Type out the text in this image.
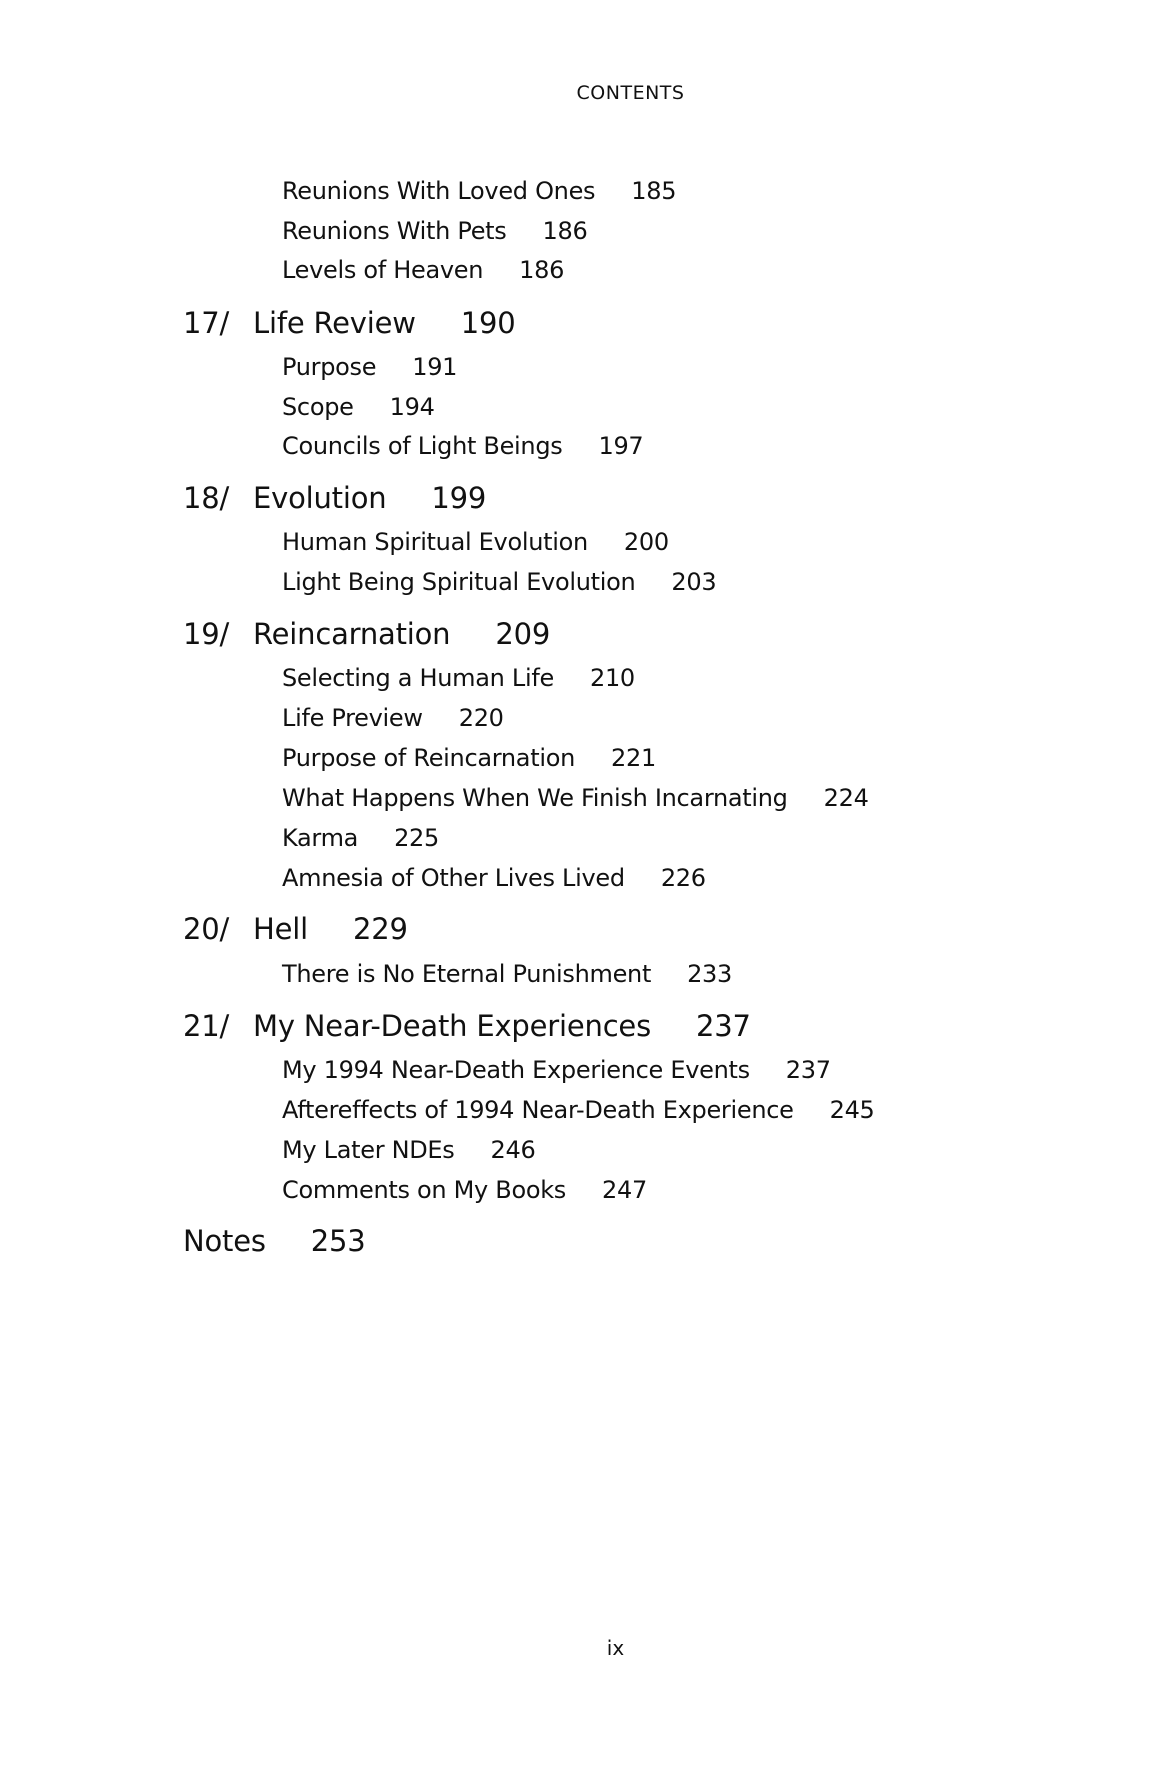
CONTENTS
Reunions With Loved Ones 185
Reunions With Pets 186
Levels of Heaven 186
17/ Life Review 190
Purpose 191
Scope 194
Councils of Light Beings 197
18/ Evolution 199
Human Spiritual Evolution 200
Light Being Spiritual Evolution 203
19/ Reincarnation 209
Selecting a Human Life 210
Life Preview 220
Purpose of Reincarnation 221
What Happens When We Finish Incarnating 224
Karma 225
Amnesia of Other Lives Lived 226
20/ Hell 229
There is No Eternal Punishment 233
21/ My Near-Death Experiences 237
My 1994 Near-Death Experience Events 237
Aftereffects of 1994 Near-Death Experience 245
My Later NDEs 246
Comments on My Books 247
Notes 253
ix
